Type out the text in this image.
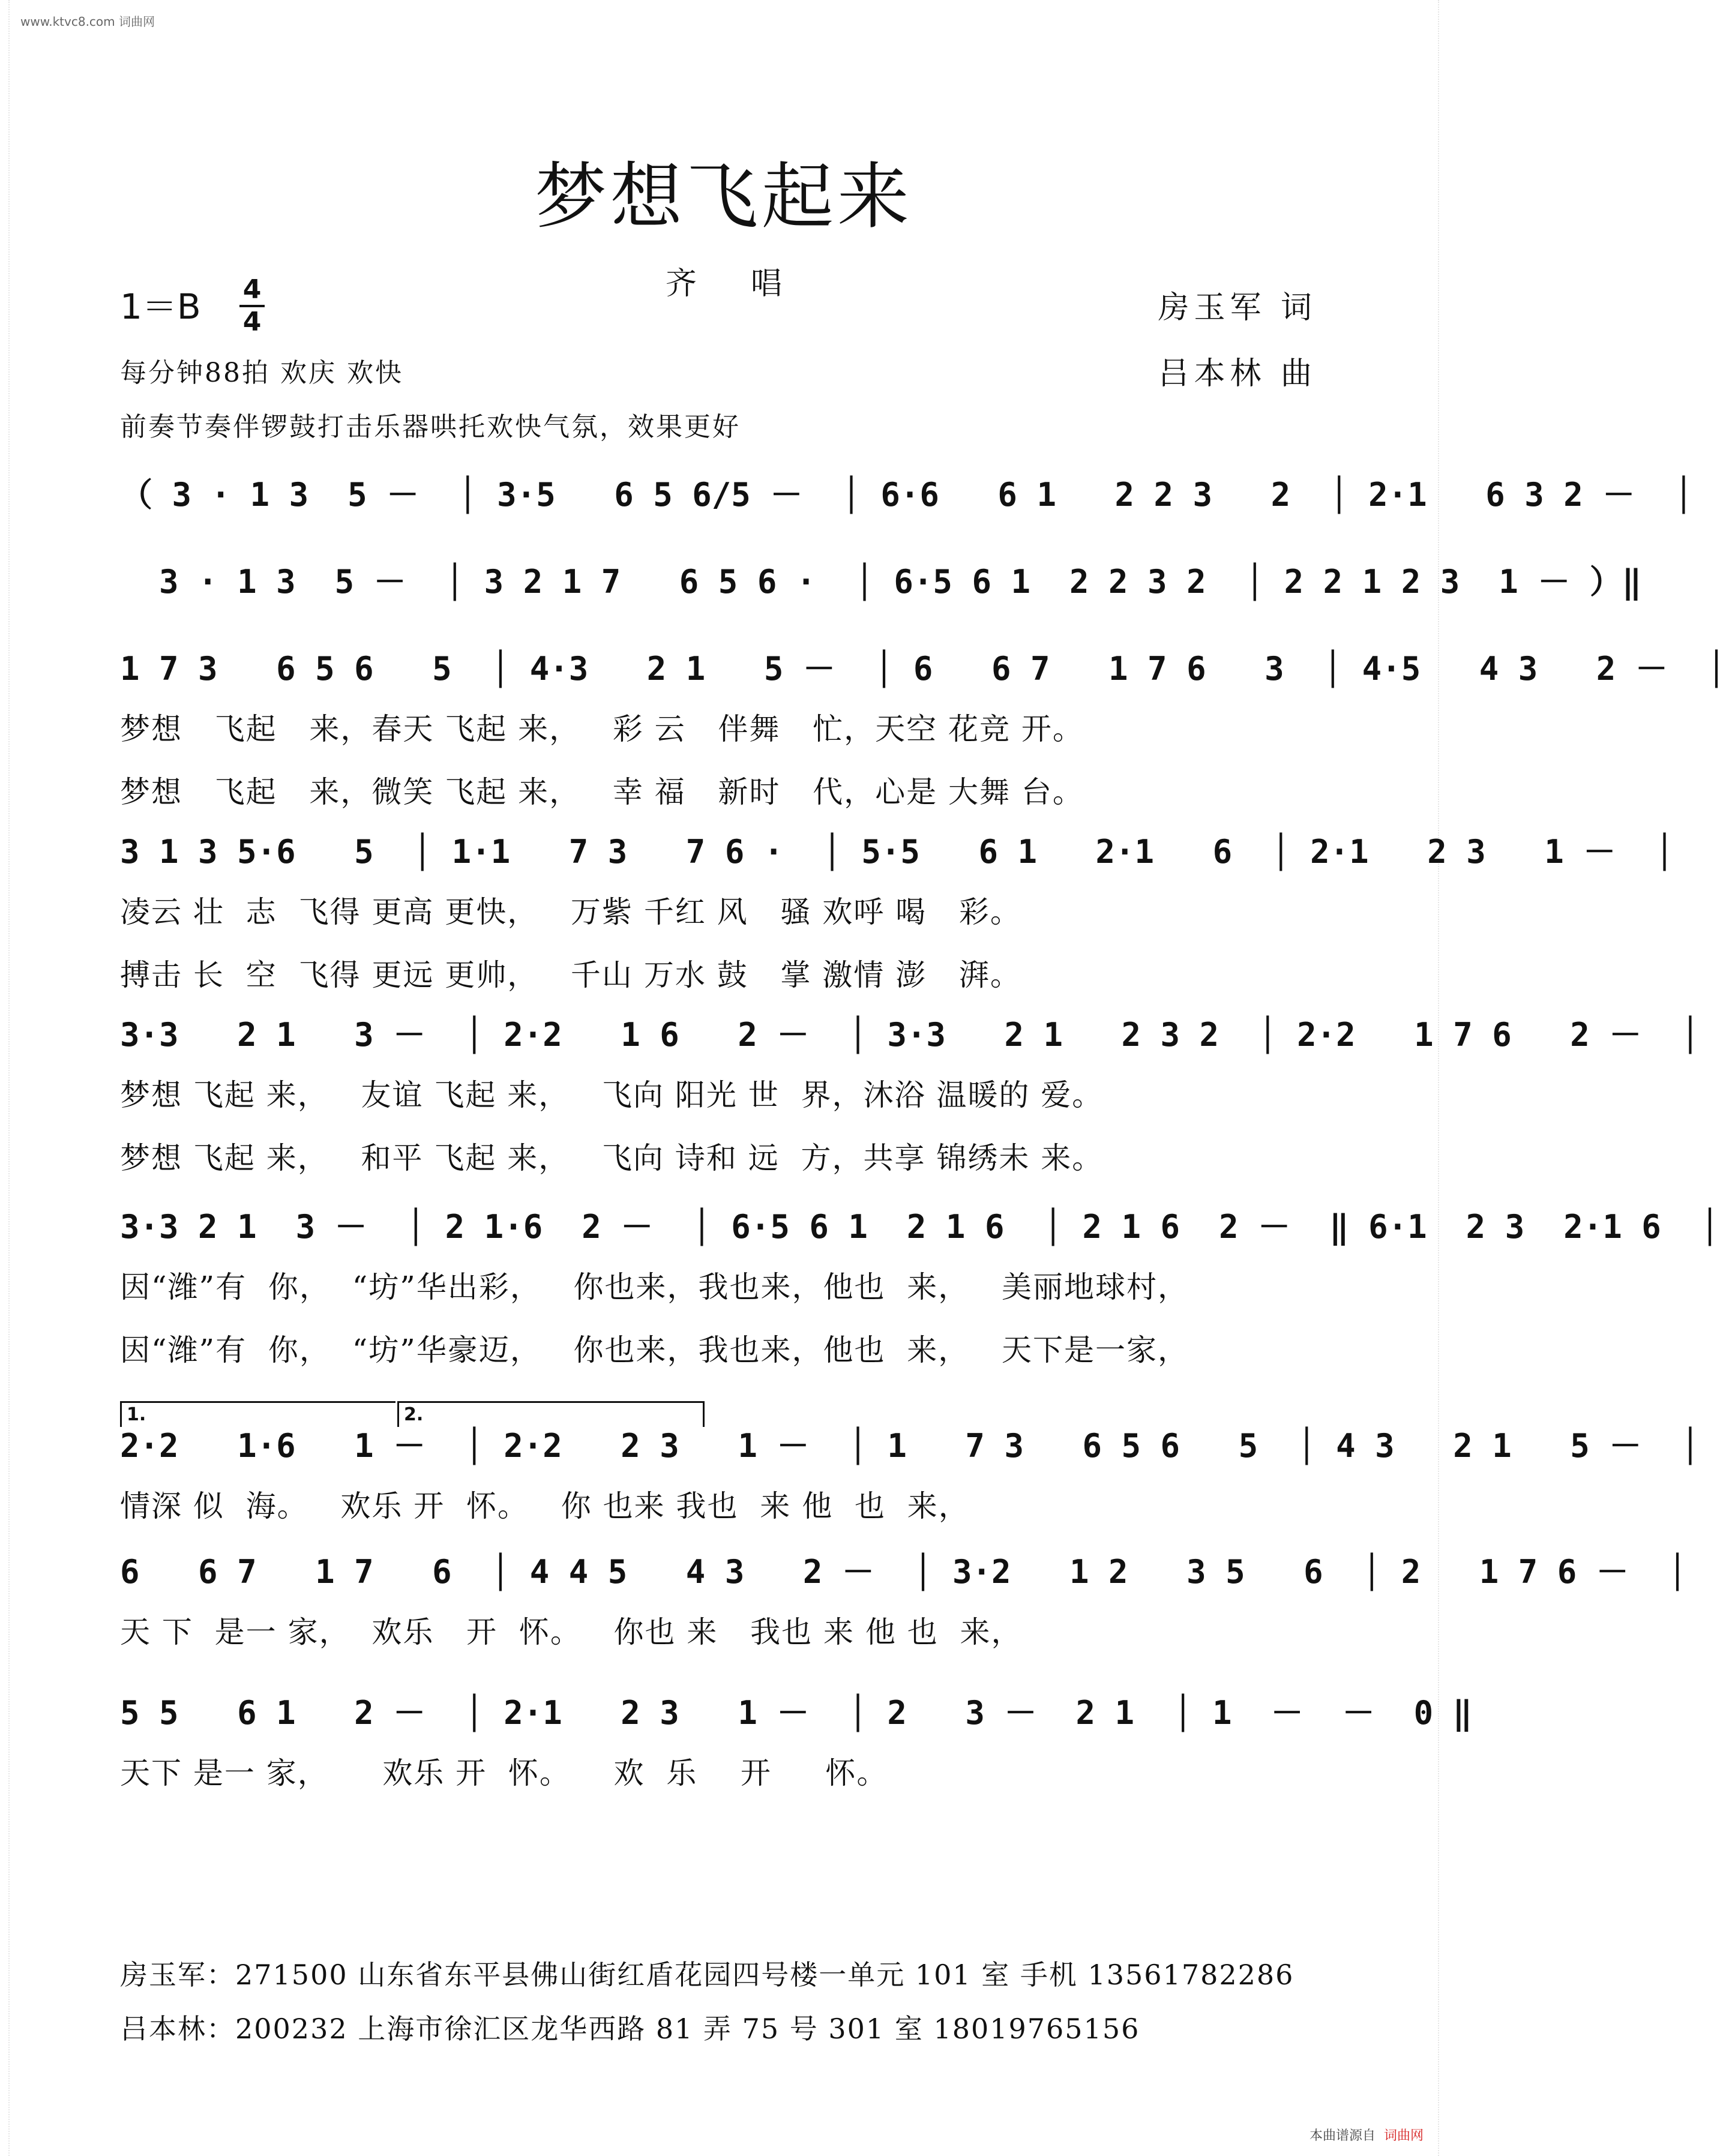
www.ktvc8.com 词曲网
梦想飞起来
齐唱
1＝B 4
4	房玉军 词
吕本林 曲
每分钟88拍 欢庆 欢快
前奏节奏伴锣鼓打击乐器哄托欢快气氛，效果更好
1.	2.
（ 3 · 1 3  5 －  │ 3·5   6 5 6/5 －  │ 6·6   6 1   2 2 3   2  │ 2·1   6 3 2 －  │
3 · 1 3  5 －  │ 3 2 1 7   6 5 6 ·  │ 6·5 6 1  2 2 3 2  │ 2 2 1 2 3  1 － ）‖
1 7 3   6 5 6   5  │ 4·3   2 1   5 －  │ 6   6 7   1 7 6   3  │ 4·5   4 3   2 －  │
梦想   飞起   来，春天 飞起 来，   彩 云   伴舞   忙，天空 花竞 开。
梦想   飞起   来，微笑 飞起 来，   幸 福   新时   代，心是 大舞 台。
3 1 3 5·6   5  │ 1·1   7 3   7 6 ·  │ 5·5   6 1   2·1   6  │ 2·1   2 3   1 －  │
凌云 壮  志  飞得 更高 更快，   万紫 千红 风   骚 欢呼 喝   彩。
搏击 长  空  飞得 更远 更帅，   千山 万水 鼓   掌 激情 澎   湃。
3·3   2 1   3 －  │ 2·2   1 6   2 －  │ 3·3   2 1   2 3 2  │ 2·2   1 7 6   2 －  │
梦想 飞起 来，   友谊 飞起 来，   飞向 阳光 世  界，沐浴 温暖的 爱。
梦想 飞起 来，   和平 飞起 来，   飞向 诗和 远  方，共享 锦绣未 来。
3·3 2 1  3 －  │ 2 1·6  2 －  │ 6·5 6 1  2 1 6  │ 2 1 6  2 －  ‖ 6·1  2 3  2·1 6  │
因“潍”有  你，  “坊”华出彩，   你也来，我也来，他也  来，   美丽地球村，
因“潍”有  你，  “坊”华豪迈，   你也来，我也来，他也  来，   天下是一家，
2·2   1·6   1 －  │ 2·2   2 3   1 －  │ 1   7 3   6 5 6   5  │ 4 3   2 1   5 －  │
情深 似  海。   欢乐 开  怀。   你 也来 我也  来 他  也  来，
6   6 7   1 7   6  │ 4 4 5   4 3   2 －  │ 3·2   1 2   3 5   6  │ 2   1 7 6 －  │
天 下  是一 家，  欢乐   开  怀。   你也 来   我也 来 他 也  来，
5 5   6 1   2 －  │ 2·1   2 3   1 －  │ 2   3 －  2 1  │ 1  －  －  0 ‖
天下 是一 家，     欢乐 开  怀。    欢  乐    开     怀。
房玉军：271500 山东省东平县佛山街红盾花园四号楼一单元 101 室 手机 13561782286
吕本林：200232 上海市徐汇区龙华西路 81 弄 75 号 301 室 18019765156
本曲谱源自 词曲网
